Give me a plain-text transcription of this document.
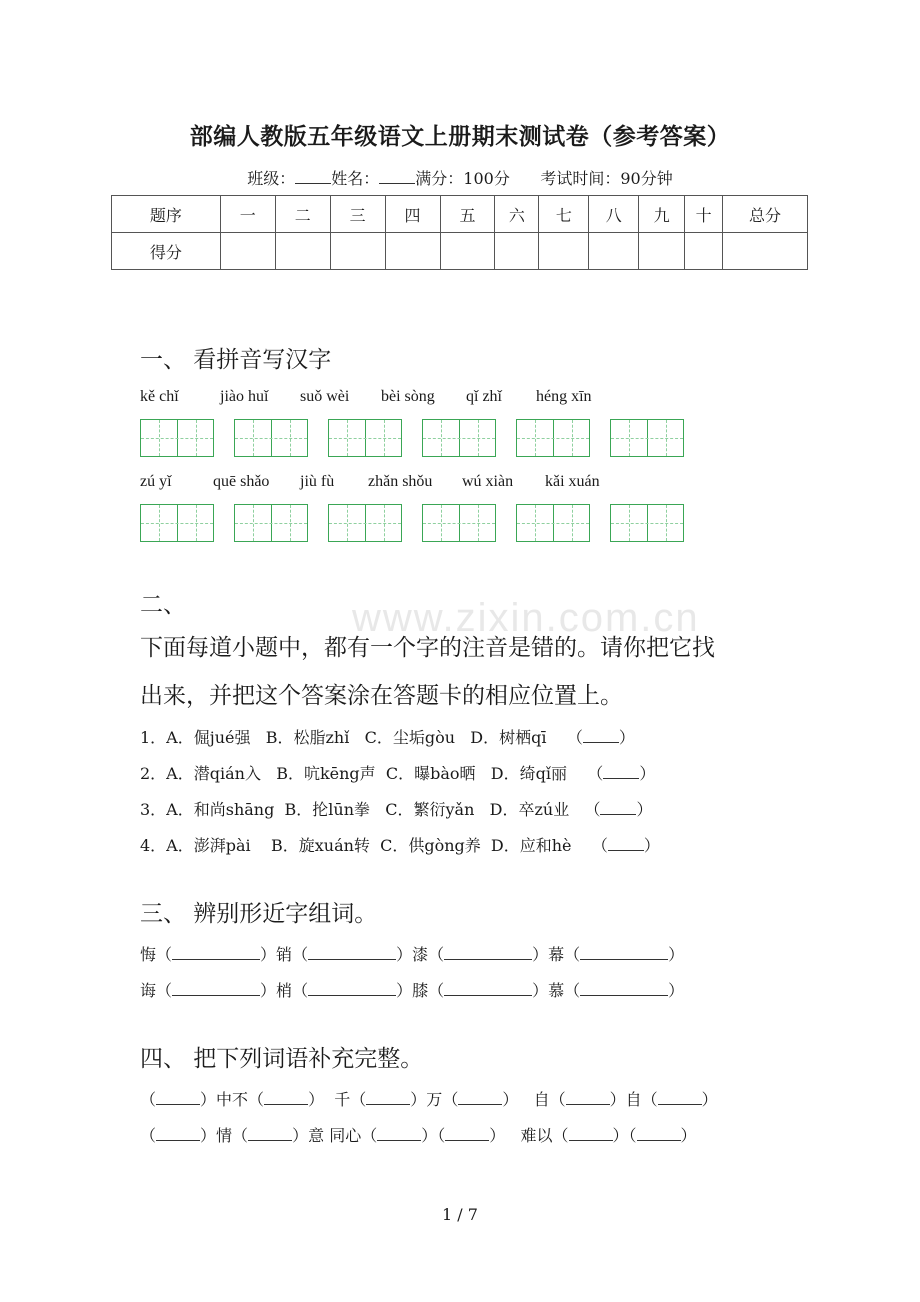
部编人教版五年级语文上册期末测试卷（参考答案）
班级： 姓名： 满分：100分 考试时间：90分钟
题序	一	二	三	四	五	六	七	八	九	十	总分
得分											
一、 看拼音写汉字
kě chǐ	jiào huǐ suǒ wèi bèi sòng qǐ zhǐ héng xīn
zú yǐ	quē shǎo jiù fù zhǎn shǒu wú xiàn kǎi xuán
www.zixin.com.cn
二、
下面每道小题中，都有一个字的注音是错的。请你把它找
出来，并把这个答案涂在答题卡的相应位置上。
1．A．倔jué强   B．松脂zhǐ   C．尘垢gòu   D．树栖qī    （ ）
2．A．潜qián入   B．吭kēng声  C．曝bào晒   D．绮qǐ丽    （ ）
3．A．和尚shāng  B．抡lūn拳   C．繁衍yǎn   D．卒zú业   （ ）
4．A．澎湃pài    B．旋xuán转  C．供gòng养  D．应和hè    （ ）
三、 辨别形近字组词。
悔（	）销（	）漆（	）幕（	）
诲（	）梢（	）膝（	）慕（	）
四、 把下列词语补充完整。
（	）中不（	）  千（	）万（	）   自（	）自（	）
（	）情（	）意 同心（	）（	）   难以（	）（	）
1 / 7
